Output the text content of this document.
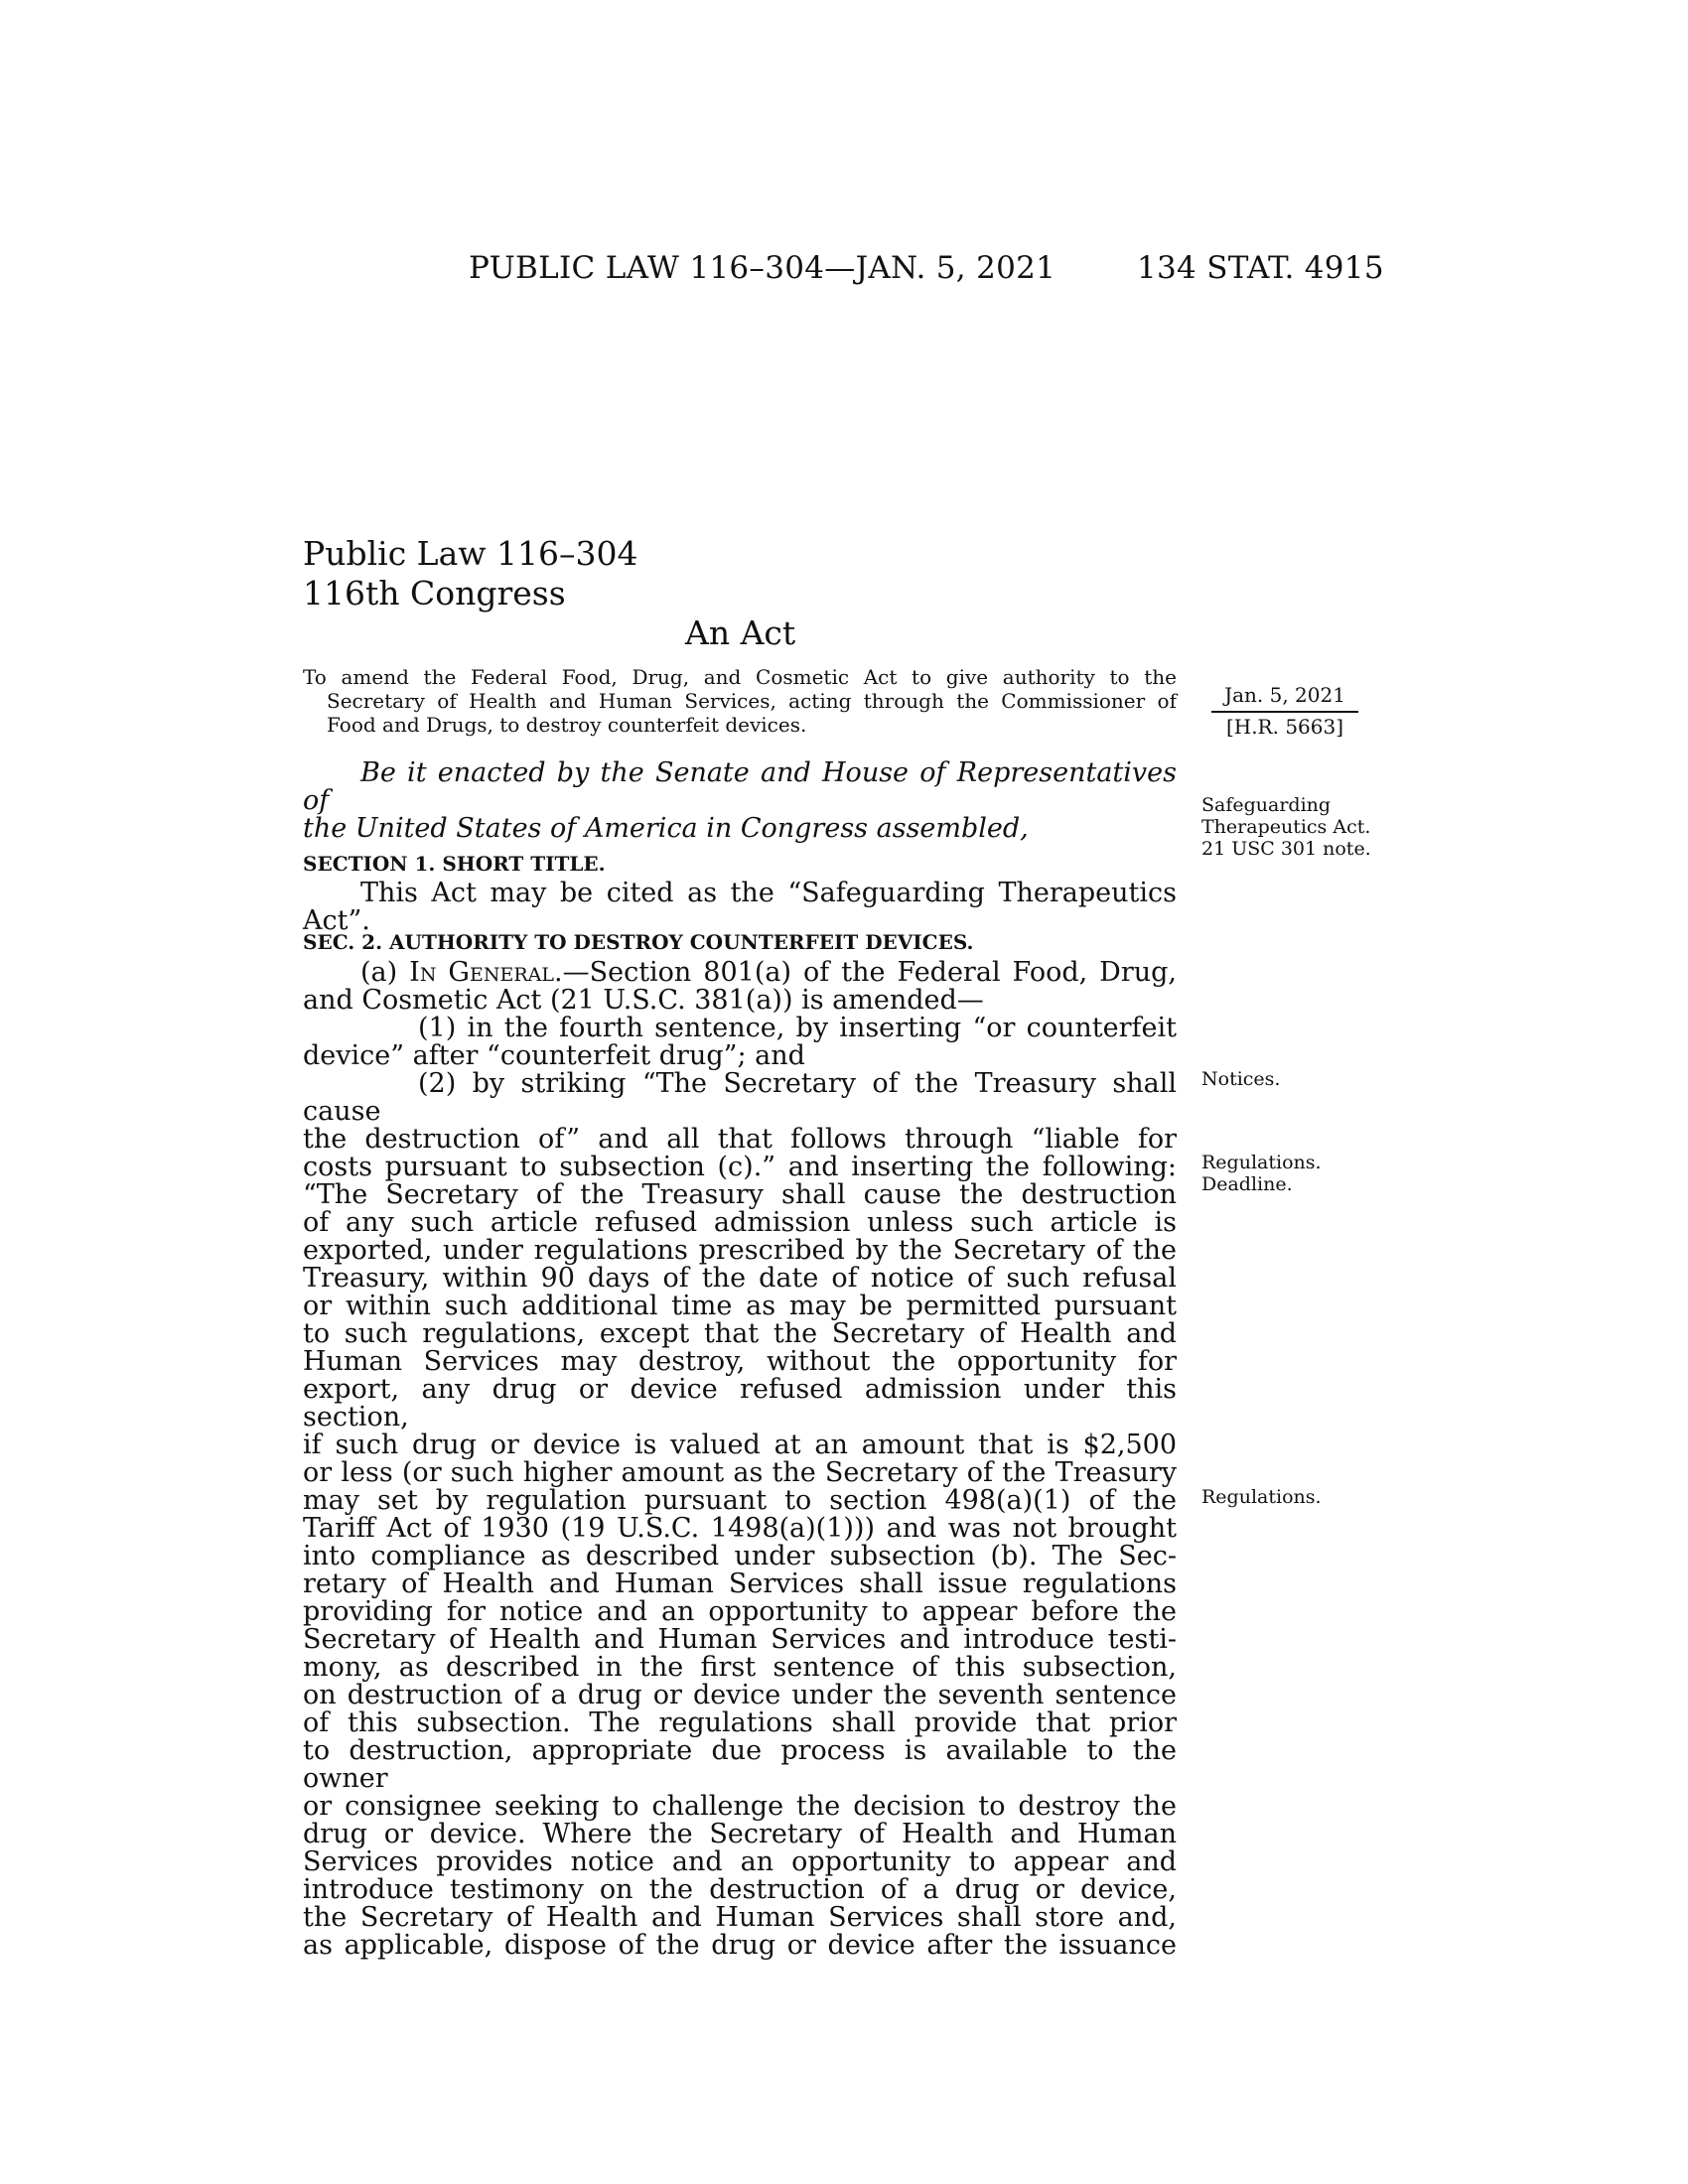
PUBLIC LAW 116–304—JAN. 5, 2021	134 STAT. 4915
Public Law 116–304
116th Congress
An Act
To amend the Federal Food, Drug, and Cosmetic Act to give authority to the
Secretary of Health and Human Services, acting through the Commissioner of
Food and Drugs, to destroy counterfeit devices.
Jan. 5, 2021
[H.R. 5663]
Be it enacted by the Senate and House of Representatives of
the United States of America in Congress assembled,
Safeguarding
Therapeutics Act.
21 USC 301 note.
SECTION 1. SHORT TITLE.
This Act may be cited as the “Safeguarding Therapeutics Act”.
SEC. 2. AUTHORITY TO DESTROY COUNTERFEIT DEVICES.
(a) In General.—Section 801(a) of the Federal Food, Drug,
and Cosmetic Act (21 U.S.C. 381(a)) is amended—
(1) in the fourth sentence, by inserting “or counterfeit
device” after “counterfeit drug”; and
(2) by striking “The Secretary of the Treasury shall cause
the destruction of” and all that follows through “liable for
costs pursuant to subsection (c).” and inserting the following:
“The Secretary of the Treasury shall cause the destruction
of any such article refused admission unless such article is
exported, under regulations prescribed by the Secretary of the
Treasury, within 90 days of the date of notice of such refusal
or within such additional time as may be permitted pursuant
to such regulations, except that the Secretary of Health and
Human Services may destroy, without the opportunity for
export, any drug or device refused admission under this section,
if such drug or device is valued at an amount that is $2,500
or less (or such higher amount as the Secretary of the Treasury
may set by regulation pursuant to section 498(a)(1) of the
Tariff Act of 1930 (19 U.S.C. 1498(a)(1))) and was not brought
into compliance as described under subsection (b). The Sec-
retary of Health and Human Services shall issue regulations
providing for notice and an opportunity to appear before the
Secretary of Health and Human Services and introduce testi-
mony, as described in the first sentence of this subsection,
on destruction of a drug or device under the seventh sentence
of this subsection. The regulations shall provide that prior
to destruction, appropriate due process is available to the owner
or consignee seeking to challenge the decision to destroy the
drug or device. Where the Secretary of Health and Human
Services provides notice and an opportunity to appear and
introduce testimony on the destruction of a drug or device,
the Secretary of Health and Human Services shall store and,
as applicable, dispose of the drug or device after the issuance
Notices.
Regulations.
Deadline.
Regulations.
